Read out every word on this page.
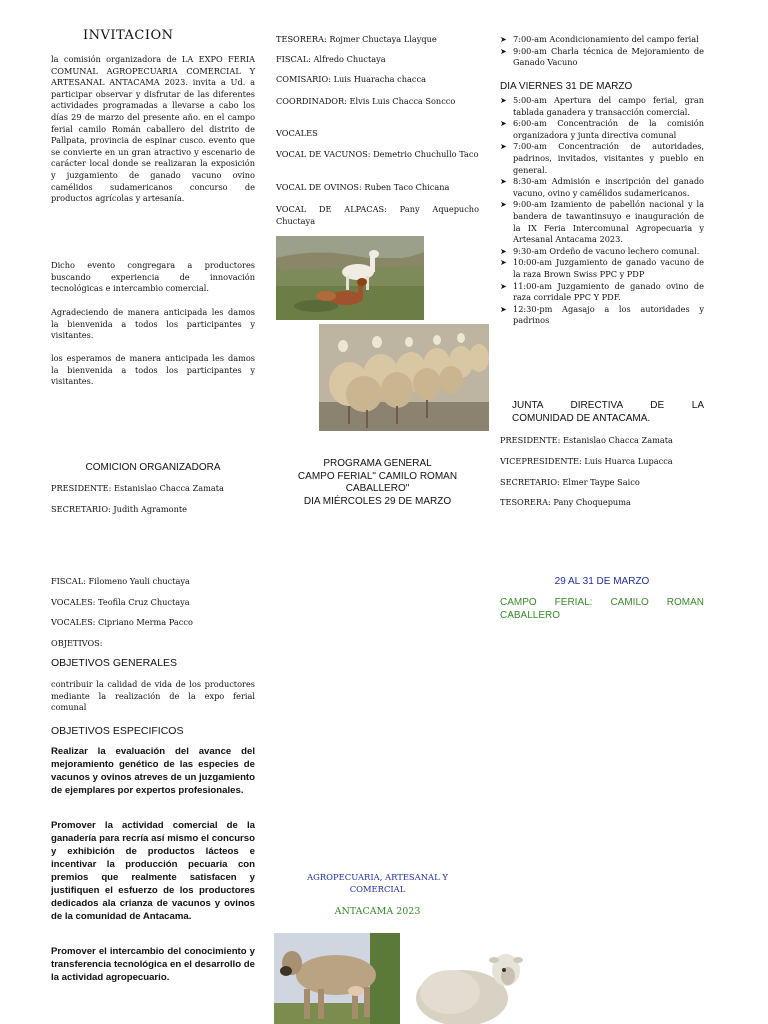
INVITACION
la comisión organizadora de LA EXPO FERIA COMUNAL AGROPECUARIA COMERCIAL Y ARTESANAL ANTACAMA 2023. invita a Ud. a participar observar y disfrutar de las diferentes actividades programadas a llevarse a cabo los días 29 de marzo del presente año. en el campo ferial camilo Román caballero del distrito de Pallpata, provincia de espinar cusco. evento que se convierte en un gran atractivo y escenario de carácter local donde se realizaran la exposición y juzgamiento de ganado vacuno ovino camélidos sudamericanos concurso de productos agrícolas y artesanía.
Dicho evento congregara a productores buscando experiencia de innovación tecnológicas e intercambio comercial.
Agradeciendo de manera anticipada les damos la bienvenida a todos los participantes y visitantes.
los esperamos de manera anticipada les damos la bienvenida a todos los participantes y visitantes.
COMICION ORGANIZADORA
PRESIDENTE: Estanislao Chacca Zamata
SECRETARIO: Judith Agramonte
FISCAL: Filomeno Yauli chuctaya
VOCALES: Teofila Cruz Chuctaya
VOCALES: Cipriano Merma Pacco
OBJETIVOS:
OBJETIVOS GENERALES
contribuir la calidad de vida de los productores mediante la realización de la expo ferial comunal
OBJETIVOS ESPECIFICOS
Realizar la evaluación del avance del mejoramiento genético de las especies de vacunos y ovinos atreves de un juzgamiento de ejemplares por expertos profesionales.
Promover la actividad comercial de la ganadería para recría así mismo el concurso y exhibición de productos lácteos e incentivar la producción pecuaria con premios que realmente satisfacen y justifiquen el esfuerzo de los productores dedicados ala crianza de vacunos y ovinos de la comunidad de Antacama.
Promover el intercambio del conocimiento y transferencia tecnológica en el desarrollo de la actividad agropecuario.
TESORERA: Rojmer Chuctaya Llayque
FISCAL: Alfredo Chuctaya
COMISARIO: Luis Huaracha chacca
COORDINADOR: Elvis Luis Chacca Soncco
VOCALES
VOCAL DE VACUNOS: Demetrio Chuchullo Taco
VOCAL DE OVINOS: Ruben Taco Chicana
VOCAL DE ALPACAS: Pany Aquepucho Chuctaya
PROGRAMA GENERAL
CAMPO FERIAL" CAMILO ROMAN
CABALLERO"
DIA MIÉRCOLES 29 DE MARZO
AGROPECUARIA, ARTESANAL Y
COMERCIAL
ANTACAMA 2023
➤ 7:00-am Acondicionamiento del campo ferial
➤ 9:00-am Charla técnica de Mejoramiento de Ganado Vacuno
DIA VIERNES 31 DE MARZO
➤ 5:00-am Apertura del campo ferial, gran tablada ganadera y transacción comercial.
➤ 6:00-am Concentración de la comisión organizadora y junta directiva comunal
➤ 7:00-am Concentración de autoridades, padrinos, invitados, visitantes y pueblo en general.
➤ 8:30-am Admisión e inscripción del ganado vacuno, ovino y camélidos sudamericanos.
➤ 9:00-am Izamiento de pabellón nacional y la bandera de tawantinsuyo e inauguración de la IX Feria Intercomunal Agropecuaria y Artesanal Antacama 2023.
➤ 9:30-am Ordeño de vacuno lechero comunal.
➤ 10:00-am Juzgamiento de ganado vacuno de la raza Brown Swiss PPC y PDP
➤ 11:00-am Juzgamiento de ganado ovino de raza corridale PPC Y PDF.
➤ 12:30-pm Agasajo a los autoridades y padrinos
JUNTA DIRECTIVA DE LA
COMUNIDAD DE ANTACAMA.
PRESIDENTE: Estanislao Chacca Zamata
VICEPRESIDENTE: Luis Huarca Lupacca
SECRETARIO: Elmer Taype Saico
TESORERA: Pany Choquepuma
29 AL 31 DE MARZO
CAMPO FERIAL: CAMILO ROMAN CABALLERO
